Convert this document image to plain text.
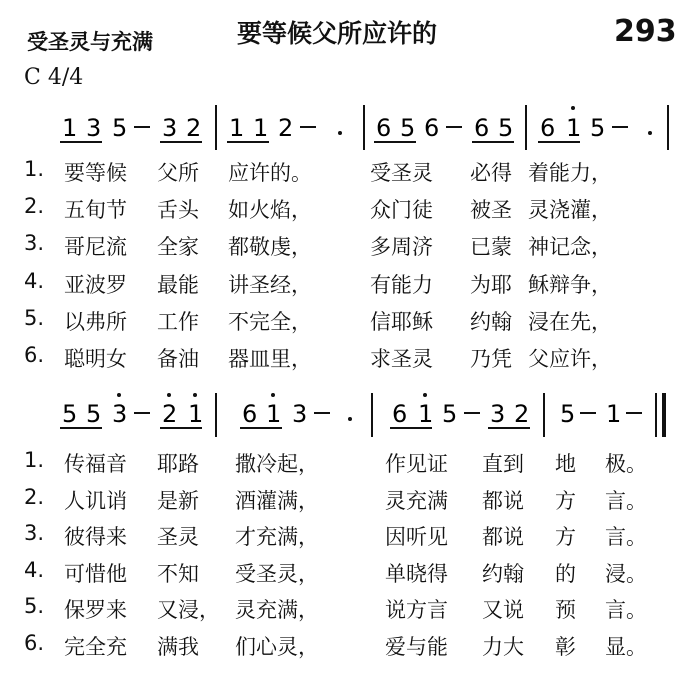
受圣灵与充满	要等候父所应许的	293
C 4/4
1 3 5 3 2 1 1 2	6 5 6 6 5 6 1 5
1. 要等候 父所 应许的。	受圣灵 必得 着能力，
2. 五旬节 舌头 如火焰，	众门徒 被圣 灵浇灌，
3. 哥尼流 全家 都敬虔，	多周济 已蒙 神记念，
4. 亚波罗 最能 讲圣经，	有能力 为耶 稣辩争，
5. 以弗所 工作 不完全，	信耶稣 约翰 浸在先，
6. 聪明女 备油 器皿里，	求圣灵 乃凭 父应许，
5 5 3 2 1 6 1 3	6 1 5 3 2 5 1
1. 传福音 耶路 撒冷起，	作见证 直到 地 极。
2. 人讥诮 是新 酒灌满，	灵充满 都说 方 言。
3. 彼得来 圣灵 才充满，	因听见 都说 方 言。
4. 可惜他 不知 受圣灵，	单晓得 约翰 的 浸。
5. 保罗来 又浸， 灵充满，	说方言 又说 预 言。
6. 完全充 满我 们心灵，	爱与能 力大 彰 显。
